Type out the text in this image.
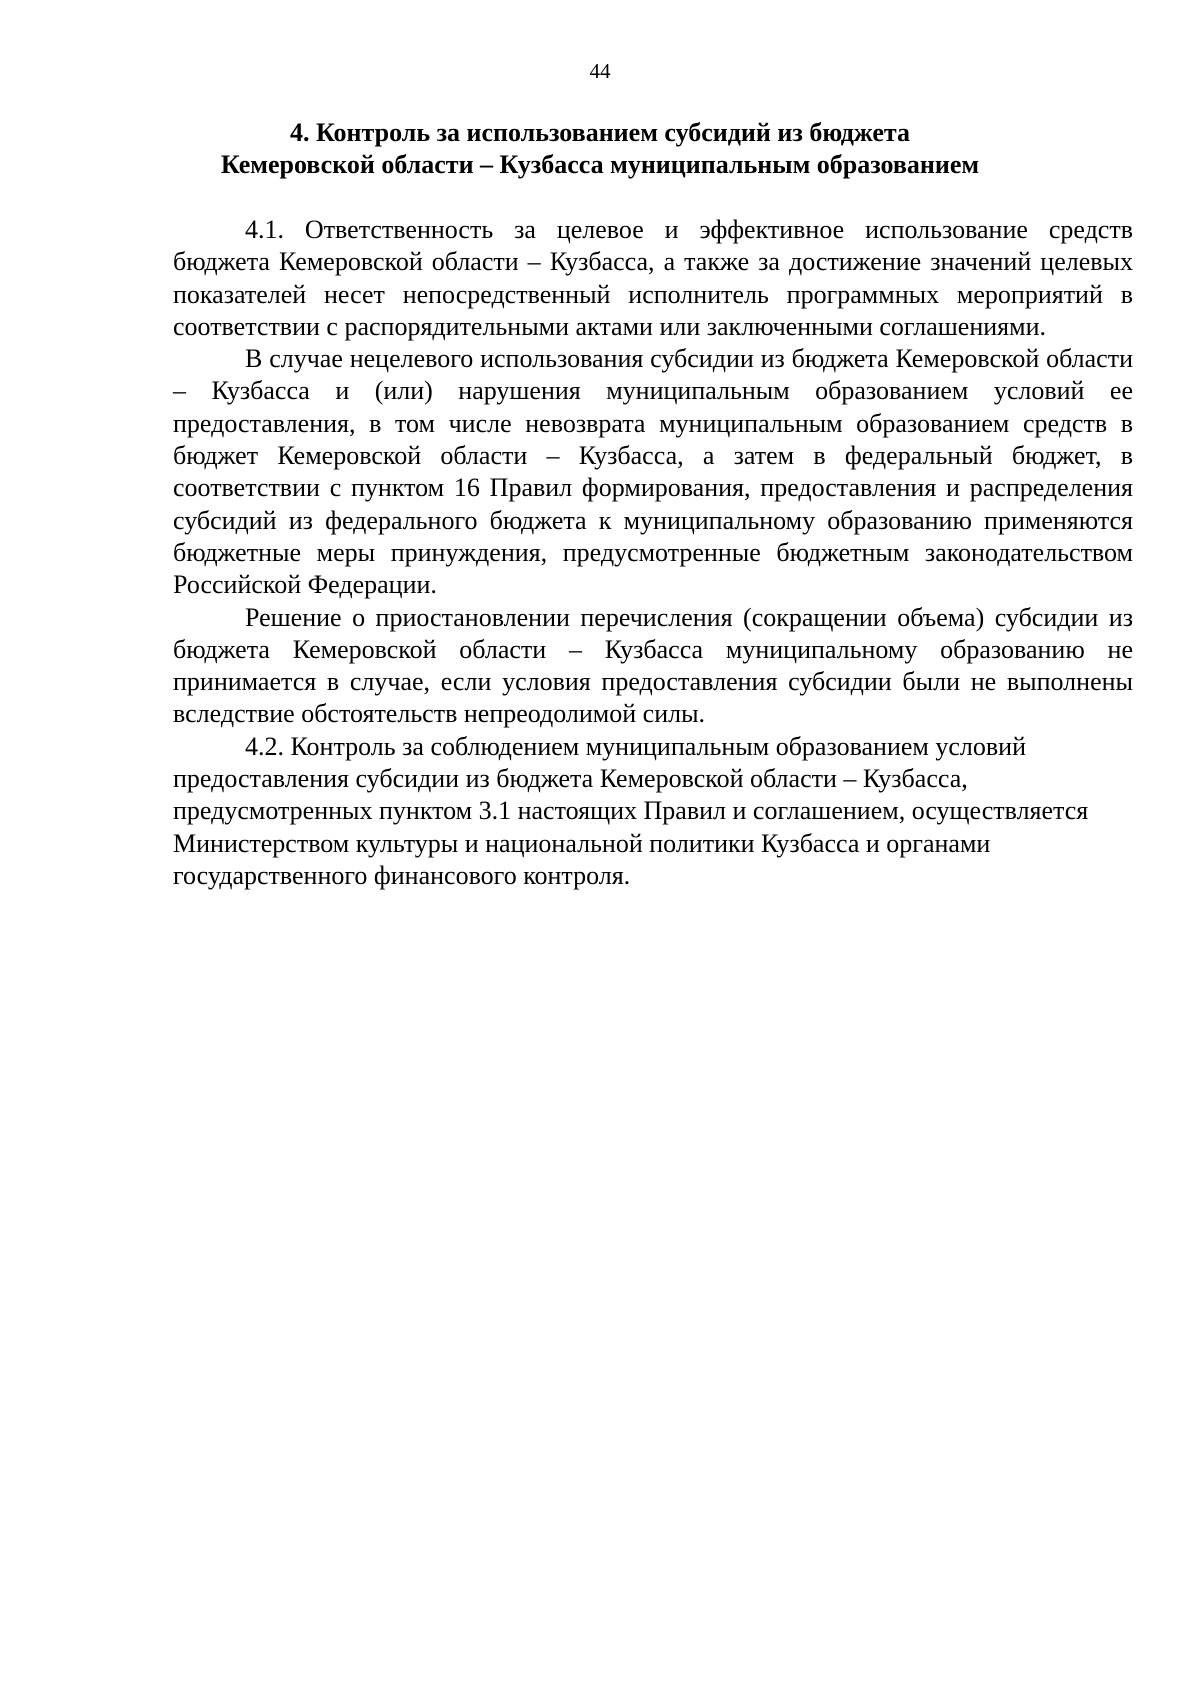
44
4. Контроль за использованием субсидий из бюджета
Кемеровской области – Кузбасса муниципальным образованием

4.1. Ответственность за целевое и эффективное использование средств бюджета Кемеровской области – Кузбасса, а также за достижение значений целевых показателей несет непосредственный исполнитель программных мероприятий в соответствии с распорядительными актами или заключенными соглашениями.

В случае нецелевого использования субсидии из бюджета Кемеровской области – Кузбасса и (или) нарушения муниципальным образованием условий ее предоставления, в том числе невозврата муниципальным образованием средств в бюджет Кемеровской области – Кузбасса, а затем в федеральный бюджет, в соответствии с пунктом 16 Правил формирования, предоставления и распределения субсидий из федерального бюджета к муниципальному образованию применяются бюджетные меры принуждения, предусмотренные бюджетным законодательством Российской Федерации.

Решение о приостановлении перечисления (сокращении объема) субсидии из бюджета Кемеровской области – Кузбасса муниципальному образованию не принимается в случае, если условия предоставления субсидии были не выполнены вследствие обстоятельств непреодолимой силы.

4.2. Контроль за соблюдением муниципальным образованием условий предоставления субсидии из бюджета Кемеровской области – Кузбасса, предусмотренных пунктом 3.1 настоящих Правил и соглашением, осуществляется Министерством культуры и национальной политики Кузбасса и органами государственного финансового контроля.
